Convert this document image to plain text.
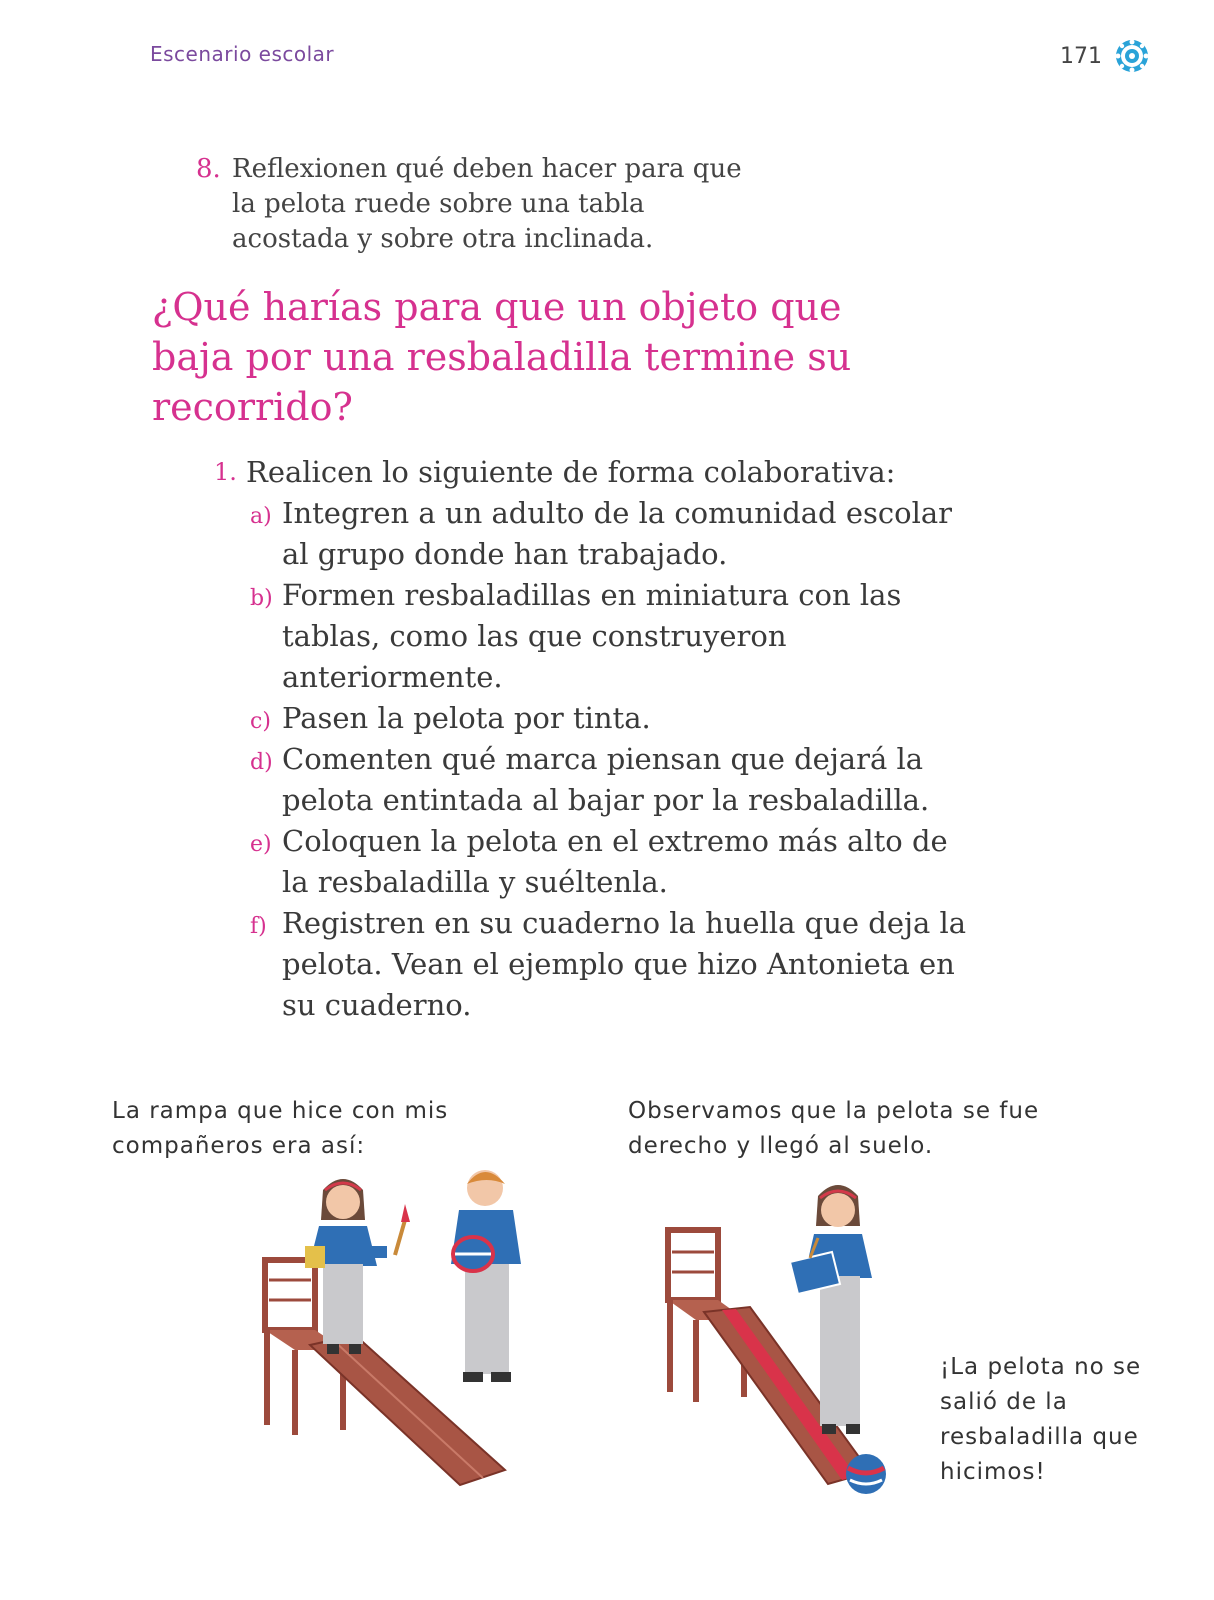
Escenario escolar	171
8. Reflexionen qué deben hacer para que la pelota ruede sobre una tabla acostada y sobre otra inclinada.
¿Qué harías para que un objeto que baja por una resbaladilla termine su recorrido?
1. Realicen lo siguiente de forma colaborativa:
a) Integren a un adulto de la comunidad escolar al grupo donde han trabajado.
b) Formen resbaladillas en miniatura con las tablas, como las que construyeron anteriormente.
c) Pasen la pelota por tinta.
d) Comenten qué marca piensan que dejará la pelota entintada al bajar por la resbaladilla.
e) Coloquen la pelota en el extremo más alto de la resbaladilla y suéltenla.
f) Registren en su cuaderno la huella que deja la pelota. Vean el ejemplo que hizo Antonieta en su cuaderno.
La rampa que hice con mis compañeros era así:
Observamos que la pelota se fue derecho y llegó al suelo.
¡La pelota no se salió de la resbaladilla que hicimos!
